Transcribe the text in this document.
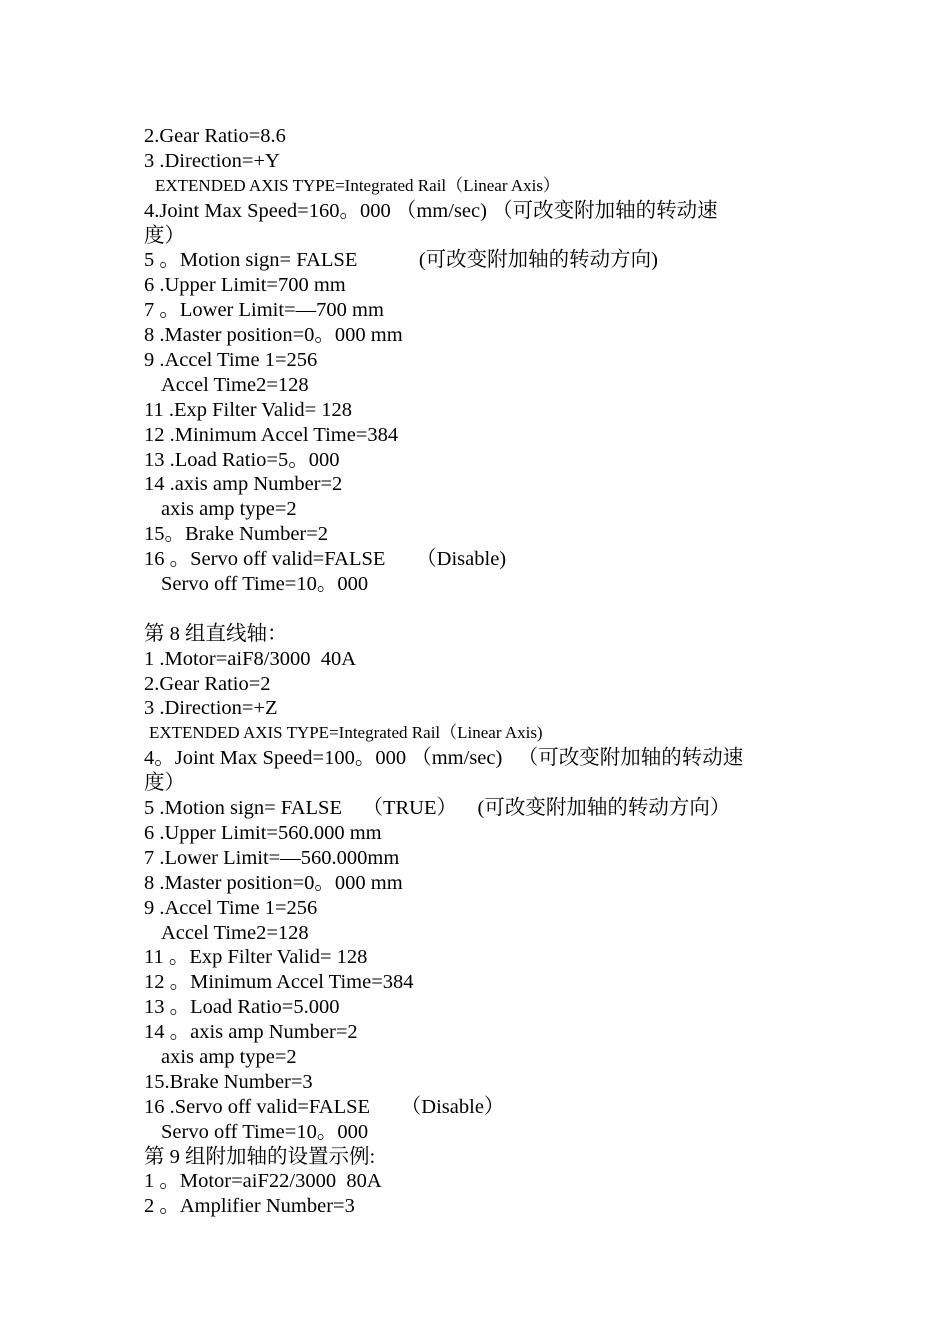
2.Gear Ratio=8.6
3 .Direction=+Y
EXTENDED AXIS TYPE=Integrated Rail（Linear Axis）
4.Joint Max Speed=160。000 （mm/sec) （可改变附加轴的转动速
度）
5 。Motion sign= FALSE            (可改变附加轴的转动方向)
6 .Upper Limit=700 mm
7 。Lower Limit=—700 mm
8 .Master position=0。000 mm
9 .Accel Time 1=256
Accel Time2=128
11 .Exp Filter Valid= 128
12 .Minimum Accel Time=384
13 .Load Ratio=5。000
14 .axis amp Number=2
axis amp type=2
15。Brake Number=2
16 。Servo off valid=FALSE      （Disable)
Servo off Time=10。000
第 8 组直线轴：
1 .Motor=aiF8/3000  40A
2.Gear Ratio=2
3 .Direction=+Z
EXTENDED AXIS TYPE=Integrated Rail（Linear Axis)
4。Joint Max Speed=100。000 （mm/sec)   （可改变附加轴的转动速
度）
5 .Motion sign= FALSE    （TRUE）    (可改变附加轴的转动方向）
6 .Upper Limit=560.000 mm
7 .Lower Limit=—560.000mm
8 .Master position=0。000 mm
9 .Accel Time 1=256
Accel Time2=128
11 。Exp Filter Valid= 128
12 。Minimum Accel Time=384
13 。Load Ratio=5.000
14 。axis amp Number=2
axis amp type=2
15.Brake Number=3
16 .Servo off valid=FALSE      （Disable）
Servo off Time=10。000
第 9 组附加轴的设置示例:
1 。Motor=aiF22/3000  80A
2 。Amplifier Number=3
